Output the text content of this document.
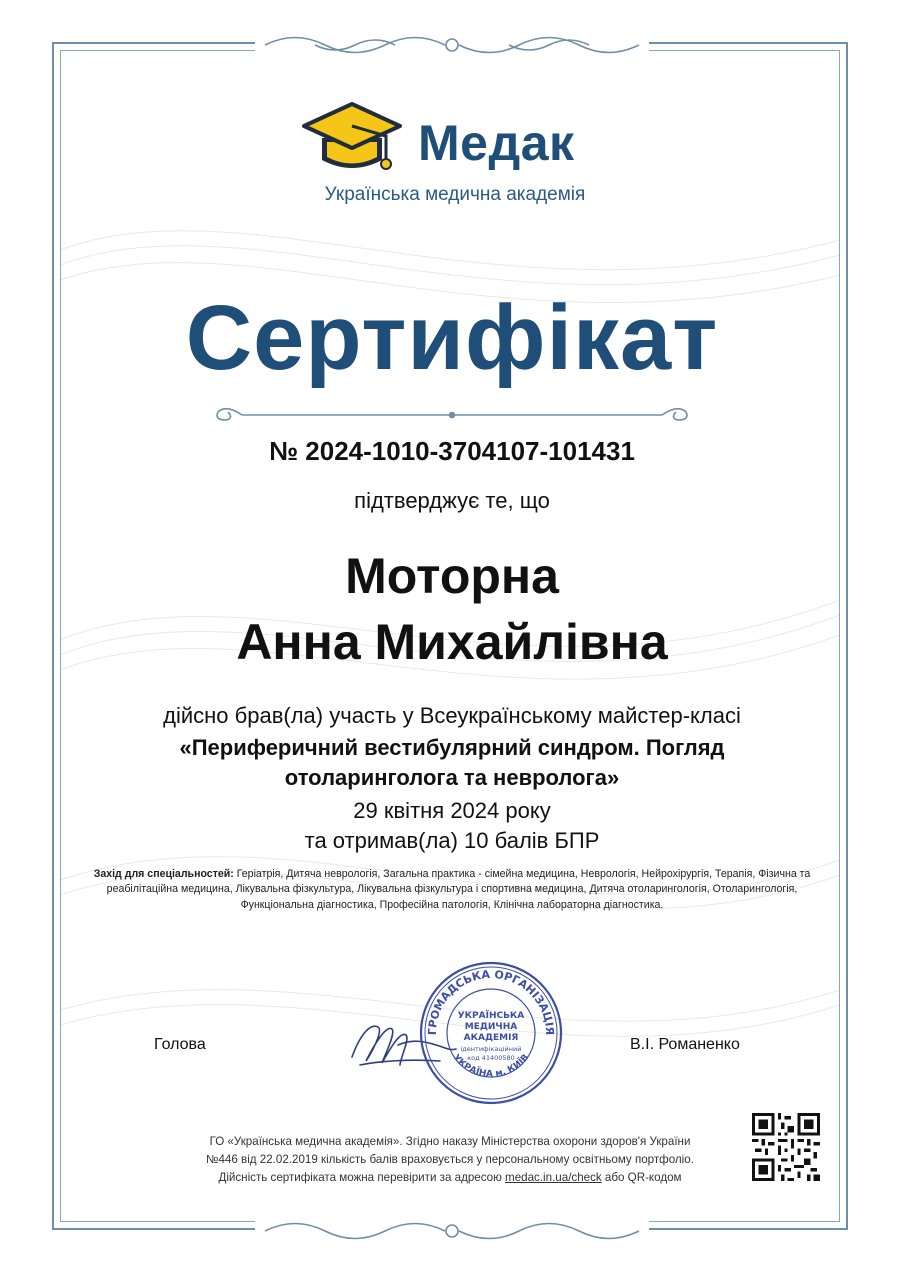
Медак
Українська медична академія
Сертифікат
№ 2024-1010-3704107-101431
підтверджує те, що
Моторна
Анна Михайлівна
дійсно брав(ла) участь у Всеукраїнському майстер-класі
«Периферичний вестибулярний синдром. Погляд отоларинголога та невролога»
29 квітня 2024 року
та отримав(ла) 10 балів БПР
Захід для спеціальностей: Геріатрія, Дитяча неврологія, Загальна практика - сімейна медицина, Неврологія, Нейрохірургія, Терапія, Фізична та реабілітаційна медицина, Лікувальна фізкультура, Лікувальна фізкультура і спортивна медицина, Дитяча отоларингологія, Отоларингологія, Функціональна діагностика, Професійна патологія, Клінічна лабораторна діагностика.
Голова
ГРОМАДСЬКА ОРГАНІЗАЦІЯ
УКРАЇНА м. КИЇВ
УКРАЇНСЬКА
МЕДИЧНА
АКАДЕМІЯ
ідентифікаційний
код 41400580
В.І. Романенко
ГО «Українська медична академія». Згідно наказу Міністерства охорони здоров'я України
№446 від 22.02.2019 кількість балів враховується у персональному освітньому портфоліо.
Дійсність сертифіката можна перевірити за адресою medac.in.ua/check або QR-кодом
